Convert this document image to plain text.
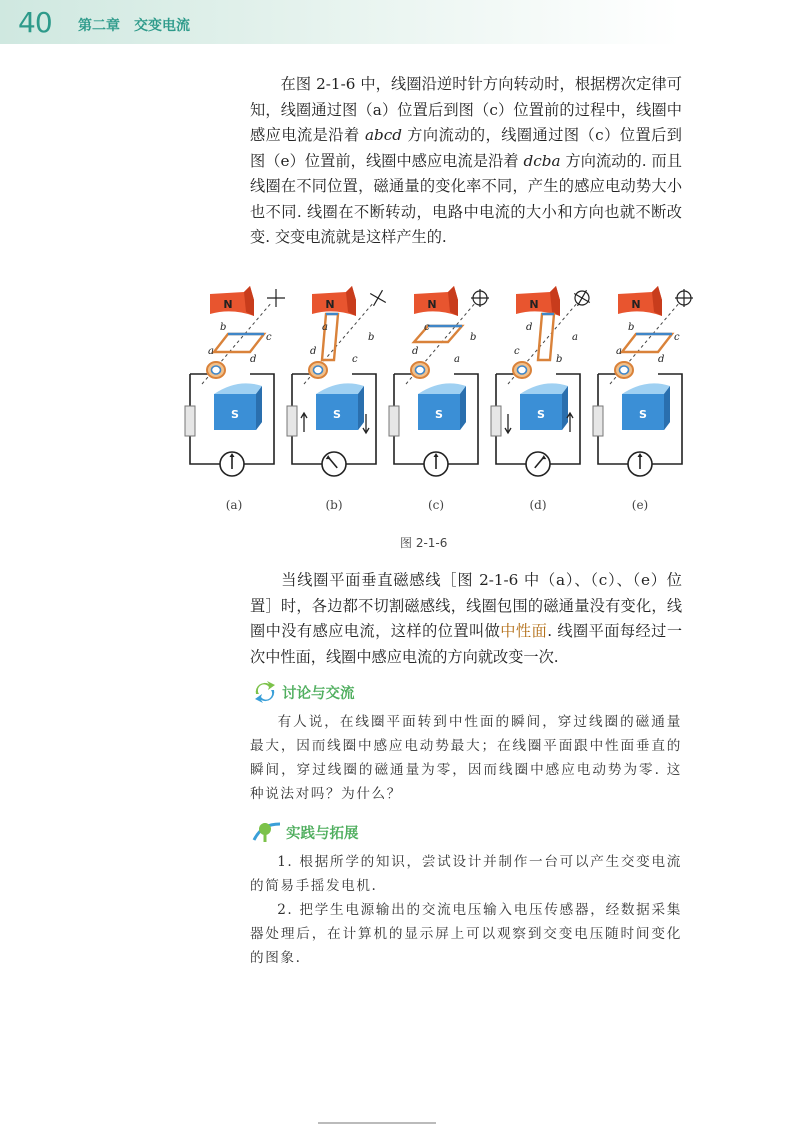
40 第二章　交变电流
在图 2-1-6 中，线圈沿逆时针方向转动时，根据楞次定律可知，线圈通过图（a）位置后到图（c）位置前的过程中，线圈中感应电流是沿着 abcd 方向流动的，线圈通过图（c）位置后到图（e）位置前，线圈中感应电流是沿着 dcba 方向流动的. 而且线圈在不同位置，磁通量的变化率不同，产生的感应电动势大小也不同. 线圈在不断转动，电路中电流的大小和方向也就不断改变. 交变电流就是这样产生的.
S
N
a
b
c
d
S
N
d
a
b
c
S
N
d
c
b
a
S
N
c
d
a
b
S
N
a
b
c
d
(a)	(b)	(c)	(d)	(e)
图 2-1-6
当线圈平面垂直磁感线［图 2-1-6 中（a）、（c）、（e）位置］时，各边都不切割磁感线，线圈包围的磁通量没有变化，线圈中没有感应电流，这样的位置叫做中性面. 线圈平面每经过一次中性面，线圈中感应电流的方向就改变一次.
讨论与交流
有人说，在线圈平面转到中性面的瞬间，穿过线圈的磁通量最大，因而线圈中感应电动势最大；在线圈平面跟中性面垂直的瞬间，穿过线圈的磁通量为零，因而线圈中感应电动势为零. 这种说法对吗？为什么？
实践与拓展
1. 根据所学的知识，尝试设计并制作一台可以产生交变电流的简易手摇发电机.
2. 把学生电源输出的交流电压输入电压传感器，经数据采集器处理后，在计算机的显示屏上可以观察到交变电压随时间变化的图象.
